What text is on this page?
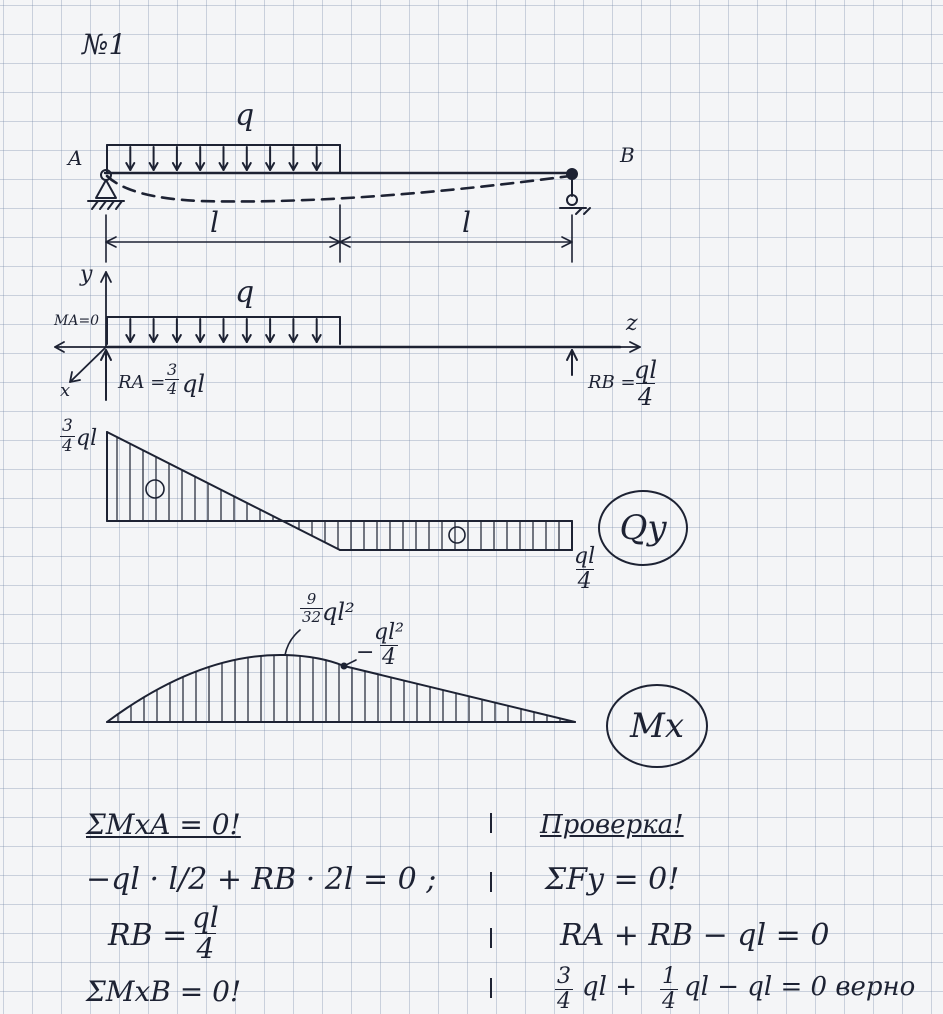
№1
q
A	B
l	l
y
q
MA=0	z
x	RA = $\frac{3}{4}$ ql	RB =
$\frac{ql}{4}$
$\frac{3}{4}$ ql
$\frac{ql}{4}$
Qy
$\frac{9}{32}$
ql²
−
$\frac{\text{ql²}}{4}$
Mx
ΣMxA = 0!
−ql · l/2 + RB · 2l = 0 ;
RB = $\frac{ql}{4}$
ΣMxB = 0!
Проверка!
ΣFy = 0!
RA + RB − ql = 0
$\frac{3}{4}$ ql + $\frac{1}{4}$ ql − ql = 0 верно
